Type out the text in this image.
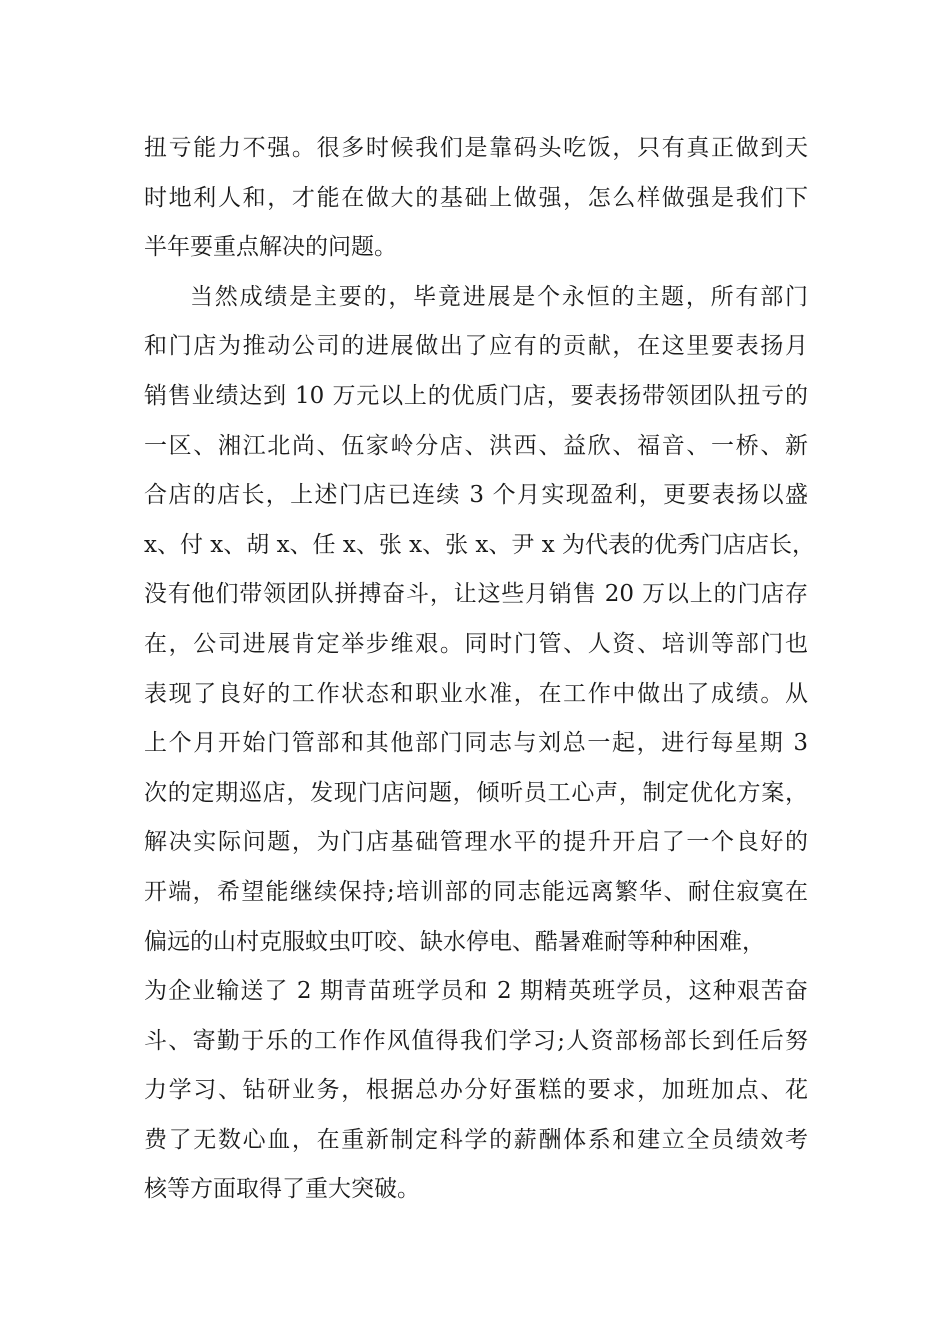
扭亏能力不强。很多时候我们是靠码头吃饭，只有真正做到天
时地利人和，才能在做大的基础上做强，怎么样做强是我们下
半年要重点解决的问题。
当然成绩是主要的，毕竟进展是个永恒的主题，所有部门
和门店为推动公司的进展做出了应有的贡献，在这里要表扬月
销售业绩达到 10 万元以上的优质门店，要表扬带领团队扭亏的
一区、湘江北尚、伍家岭分店、洪西、益欣、福音、一桥、新
合店的店长，上述门店已连续 3 个月实现盈利，更要表扬以盛
x、付 x、胡 x、任 x、张 x、张 x、尹 x 为代表的优秀门店店长，
没有他们带领团队拼搏奋斗，让这些月销售 20 万以上的门店存
在，公司进展肯定举步维艰。同时门管、人资、培训等部门也
表现了良好的工作状态和职业水准，在工作中做出了成绩。从
上个月开始门管部和其他部门同志与刘总一起，进行每星期 3
次的定期巡店，发现门店问题，倾听员工心声，制定优化方案，
解决实际问题，为门店基础管理水平的提升开启了一个良好的
开端，希望能继续保持;培训部的同志能远离繁华、耐住寂寞在
偏远的山村克服蚊虫叮咬、缺水停电、酷暑难耐等种种困难，
为企业输送了 2 期青苗班学员和 2 期精英班学员，这种艰苦奋
斗、寄勤于乐的工作作风值得我们学习;人资部杨部长到任后努
力学习、钻研业务，根据总办分好蛋糕的要求，加班加点、花
费了无数心血，在重新制定科学的薪酬体系和建立全员绩效考
核等方面取得了重大突破。
